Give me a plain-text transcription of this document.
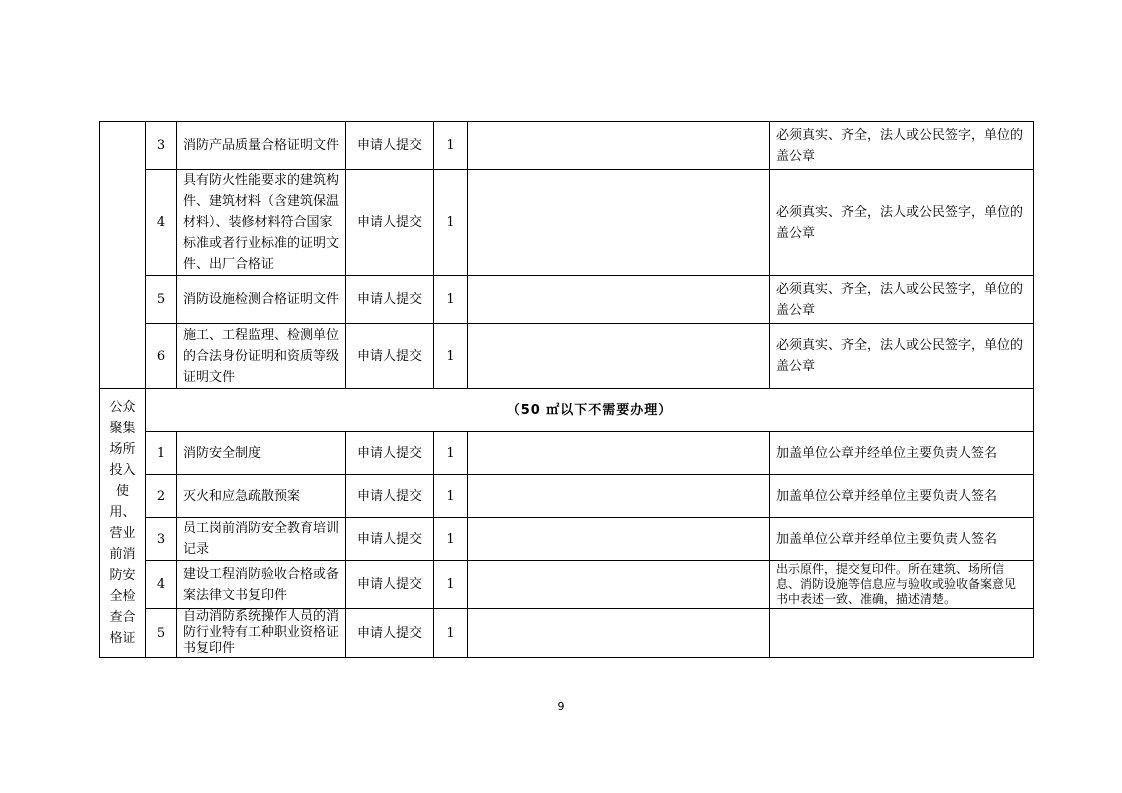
	3	消防产品质量合格证明文件	申请人提交	1		必须真实、齐全，法人或公民签字，单位的盖公章
	4	具有防火性能要求的建筑构件、建筑材料（含建筑保温材料）、装修材料符合国家标准或者行业标准的证明文件、出厂合格证	申请人提交	1		必须真实、齐全，法人或公民签字，单位的盖公章
	5	消防设施检测合格证明文件	申请人提交	1		必须真实、齐全，法人或公民签字，单位的盖公章
	6	施工、工程监理、检测单位的合法身份证明和资质等级证明文件	申请人提交	1		必须真实、齐全，法人或公民签字，单位的盖公章
公众聚集场所投入使用、营业前消防安全检查合格证	（50 ㎡以下不需要办理）					
	1	消防安全制度	申请人提交	1		加盖单位公章并经单位主要负责人签名
	2	灭火和应急疏散预案	申请人提交	1		加盖单位公章并经单位主要负责人签名
	3	员工岗前消防安全教育培训记录	申请人提交	1		加盖单位公章并经单位主要负责人签名
	4	建设工程消防验收合格或备案法律文书复印件	申请人提交	1		出示原件，提交复印件。所在建筑、场所信息、消防设施等信息应与验收或验收备案意见书中表述一致、准确，描述清楚。
	5	自动消防系统操作人员的消防行业特有工种职业资格证书复印件	申请人提交	1		
9
